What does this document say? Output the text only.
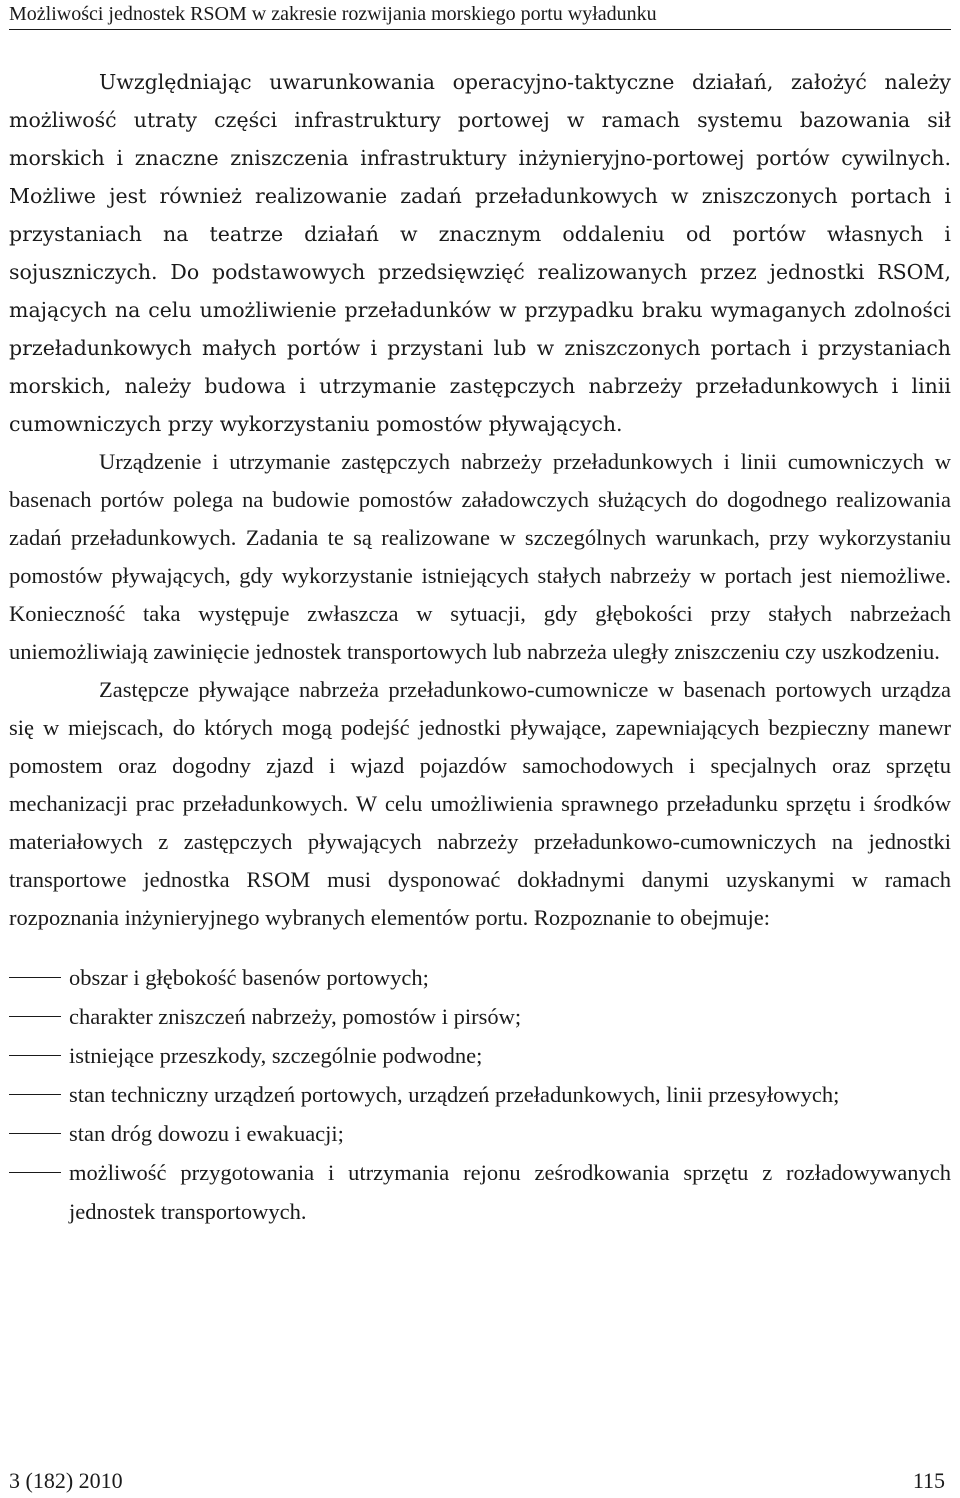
Możliwości jednostek RSOM w zakresie rozwijania morskiego portu wyładunku

Uwzględniając uwarunkowania operacyjno-taktyczne działań, założyć należy możliwość utraty części infrastruktury portowej w ramach systemu bazowania sił morskich i znaczne zniszczenia infrastruktury inżynieryjno-portowej portów cywilnych. Możliwe jest również realizowanie zadań przeładunkowych w zniszczonych portach i przystaniach na teatrze działań w znacznym oddaleniu od portów własnych i sojuszniczych. Do podstawowych przedsięwzięć realizowanych przez jednostki RSOM, mających na celu umożliwienie przeładunków w przypadku braku wymaganych zdolności przeładunkowych małych portów i przystani lub w zniszczonych portach i przystaniach morskich, należy budowa i utrzymanie zastępczych nabrzeży przeładunkowych i linii cumowniczych przy wykorzystaniu pomostów pływających.

Urządzenie i utrzymanie zastępczych nabrzeży przeładunkowych i linii cumowniczych w basenach portów polega na budowie pomostów załadowczych służących do dogodnego realizowania zadań przeładunkowych. Zadania te są realizowane w szczególnych warunkach, przy wykorzystaniu pomostów pływających, gdy wykorzystanie istniejących stałych nabrzeży w portach jest niemożliwe. Konieczność taka występuje zwłaszcza w sytuacji, gdy głębokości przy stałych nabrzeżach uniemożliwiają zawinięcie jednostek transportowych lub nabrzeża uległy zniszczeniu czy uszkodzeniu.

Zastępcze pływające nabrzeża przeładunkowo-cumownicze w basenach portowych urządza się w miejscach, do których mogą podejść jednostki pływające, zapewniających bezpieczny manewr pomostem oraz dogodny zjazd i wjazd pojazdów samochodowych i specjalnych oraz sprzętu mechanizacji prac przeładunkowych. W celu umożliwienia sprawnego przeładunku sprzętu i środków materiałowych z zastępczych pływających nabrzeży przeładunkowo-cumowniczych na jednostki transportowe jednostka RSOM musi dysponować dokładnymi danymi uzyskanymi w ramach rozpoznania inżynieryjnego wybranych elementów portu. Rozpoznanie to obejmuje:

obszar i głębokość basenów portowych;
charakter zniszczeń nabrzeży, pomostów i pirsów;
istniejące przeszkody, szczególnie podwodne;
stan techniczny urządzeń portowych, urządzeń przeładunkowych, linii przesyłowych;
stan dróg dowozu i ewakuacji;
możliwość przygotowania i utrzymania rejonu ześrodkowania sprzętu z rozładowywanych jednostek transportowych.
3 (182) 2010	115
